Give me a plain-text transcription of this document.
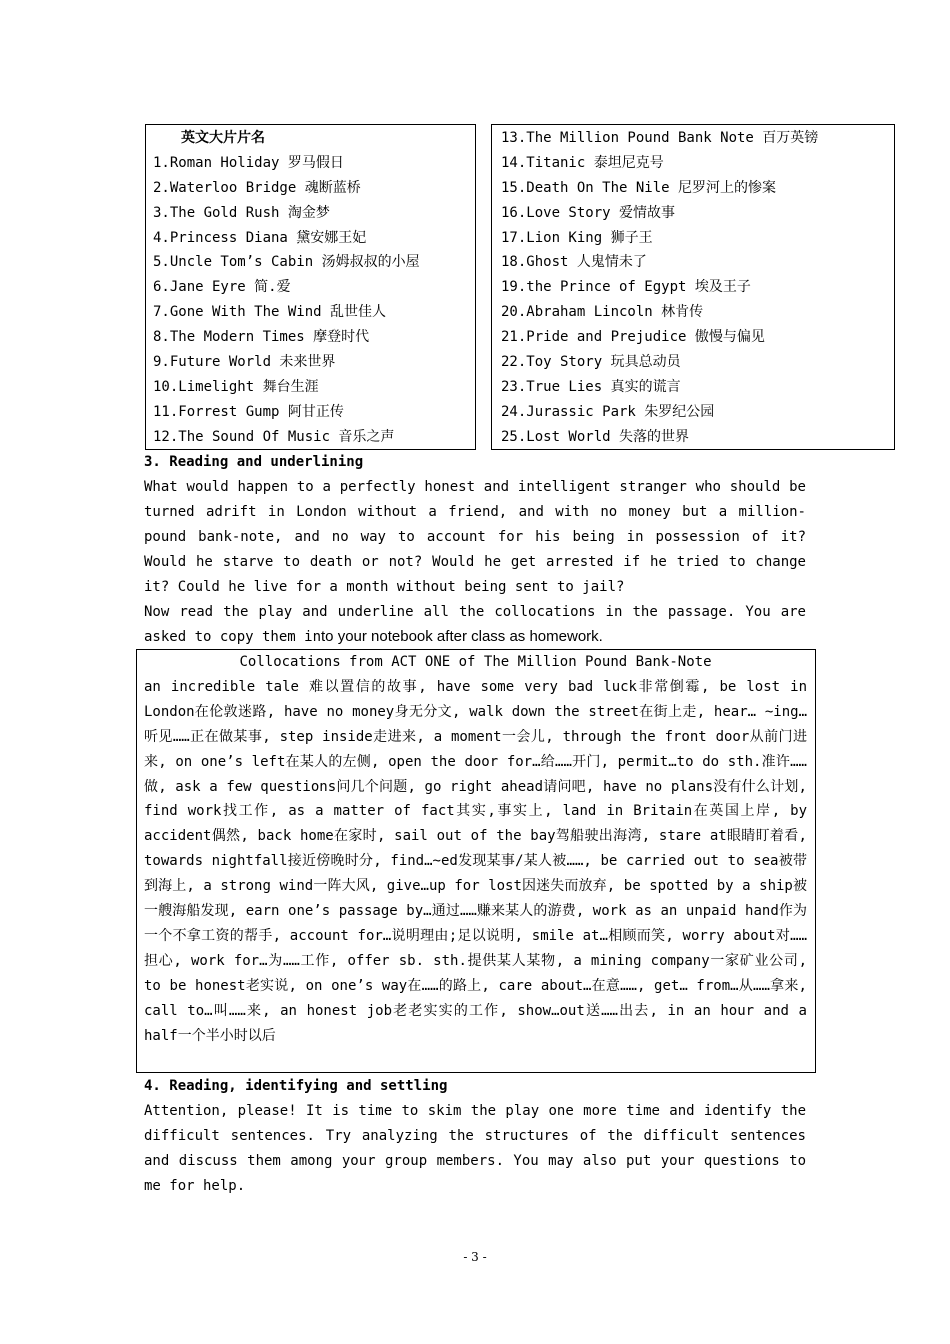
英文大片片名
1.Roman Holiday 罗马假日
2.Waterloo Bridge 魂断蓝桥
3.The Gold Rush 淘金梦
4.Princess Diana 黛安娜王妃
5.Uncle Tom’s Cabin 汤姆叔叔的小屋
6.Jane Eyre 简.爱
7.Gone With The Wind 乱世佳人
8.The Modern Times 摩登时代
9.Future World 未来世界
10.Limelight 舞台生涯
11.Forrest Gump 阿甘正传
12.The Sound Of Music 音乐之声
13.The Million Pound Bank Note 百万英镑
14.Titanic 泰坦尼克号
15.Death On The Nile 尼罗河上的惨案
16.Love Story 爱情故事
17.Lion King 狮子王
18.Ghost 人鬼情未了
19.the Prince of Egypt 埃及王子
20.Abraham Lincoln 林肯传
21.Pride and Prejudice 傲慢与偏见
22.Toy Story 玩具总动员
23.True Lies 真实的谎言
24.Jurassic Park 朱罗纪公园
25.Lost World 失落的世界
3. Reading and underlining
What would happen to a perfectly honest and intelligent stranger who should be turned adrift in London without a friend, and with no money but a million-pound bank-note, and no way to account for his being in possession of it? Would he starve to death or not? Would he get arrested if he tried to change it? Could he live for a month without being sent to jail?
Now read the play and underline all the collocations in the passage. You are asked to copy them into your notebook after class as homework.
Collocations from ACT ONE of The Million Pound Bank-Note
an incredible tale 难以置信的故事, have some very bad luck非常倒霉, be lost in London在伦敦迷路, have no money身无分文, walk down the street在街上走, hear… ~ing…听见……正在做某事, step inside走进来, a moment一会儿, through the front door从前门进来, on one’s left在某人的左侧, open the door for…给……开门, permit…to do sth.准许……做, ask a few questions问几个问题, go right ahead请问吧, have no plans没有什么计划, find work找工作, as a matter of fact其实,事实上, land in Britain在英国上岸, by accident偶然, back home在家时, sail out of the bay驾船驶出海湾, stare at眼睛盯着看, towards nightfall接近傍晚时分, find…~ed发现某事/某人被……, be carried out to sea被带到海上, a strong wind一阵大风, give…up for lost因迷失而放弃, be spotted by a ship被一艘海船发现, earn one’s passage by…通过……赚来某人的游费, work as an unpaid hand作为一个不拿工资的帮手, account for…说明理由;足以说明, smile at…相顾而笑, worry about对……担心, work for…为……工作, offer sb. sth.提供某人某物, a mining company一家矿业公司, to be honest老实说, on one’s way在……的路上, care about…在意……, get… from…从……拿来, call to…叫……来, an honest job老老实实的工作, show…out送……出去, in an hour and a half一个半小时以后
4. Reading, identifying and settling
Attention, please! It is time to skim the play one more time and identify the difficult sentences. Try analyzing the structures of the difficult sentences and discuss them among your group members. You may also put your questions to me for help.
- 3 -
